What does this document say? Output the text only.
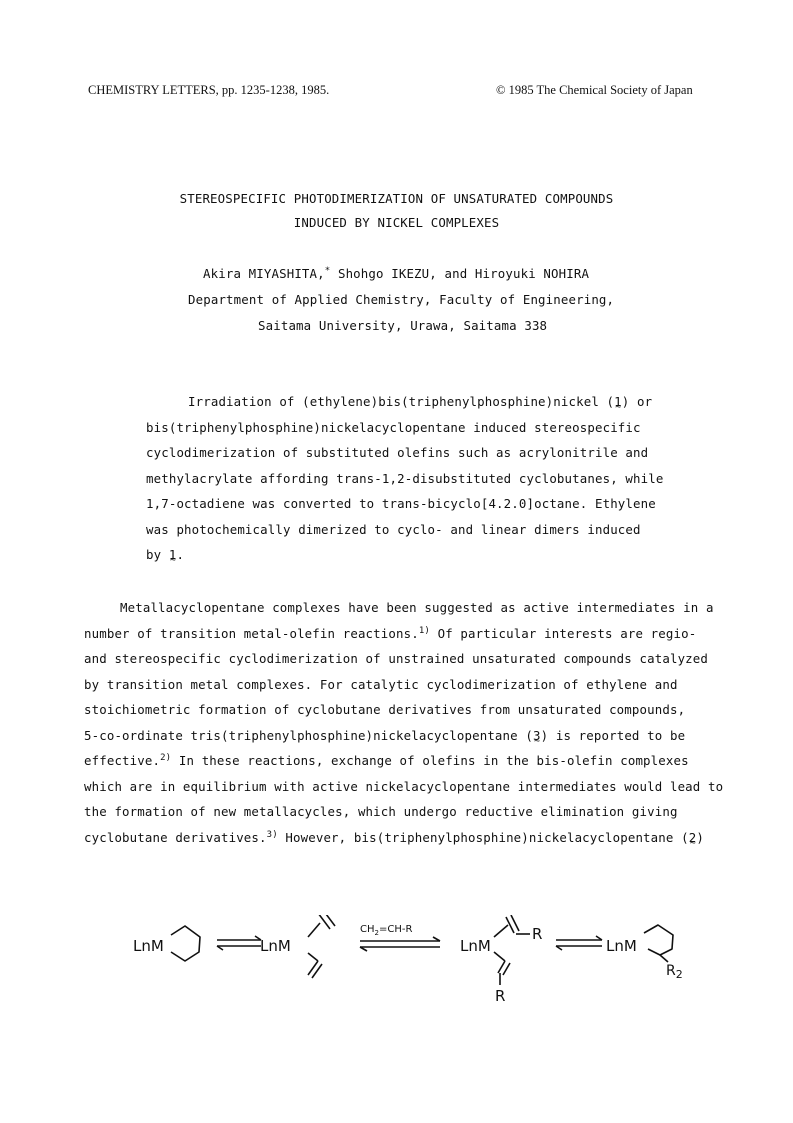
CHEMISTRY LETTERS, pp. 1235-1238, 1985.	© 1985 The Chemical Society of Japan
STEREOSPECIFIC PHOTODIMERIZATION OF UNSATURATED COMPOUNDS
INDUCED BY NICKEL COMPLEXES
Akira MIYASHITA,* Shohgo IKEZU, and Hiroyuki NOHIRA
Department of Applied Chemistry, Faculty of Engineering,
Saitama University, Urawa, Saitama 338
Irradiation of (ethylene)bis(triphenylphosphine)nickel (1 ~) or
bis(triphenylphosphine)nickelacyclopentane induced stereospecific
cyclodimerization of substituted olefins such as acrylonitrile and
methylacrylate affording trans-1,2-disubstituted cyclobutanes, while
1,7-octadiene was converted to trans-bicyclo[4.2.0]octane. Ethylene
was photochemically dimerized to cyclo- and linear dimers induced
by 1 ~.
Metallacyclopentane complexes have been suggested as active intermediates in a
number of transition metal-olefin reactions.$^{1)}$ Of particular interests are regio-
and stereospecific cyclodimerization of unstrained unsaturated compounds catalyzed
by transition metal complexes. For catalytic cyclodimerization of ethylene and
stoichiometric formation of cyclobutane derivatives from unsaturated compounds,
5-co-ordinate tris(triphenylphosphine)nickelacyclopentane (3 ~) is reported to be
effective.$^{2)}$ In these reactions, exchange of olefins in the bis-olefin complexes
which are in equilibrium with active nickelacyclopentane intermediates would lead to
the formation of new metallacycles, which undergo reductive elimination giving
cyclobutane derivatives.$^{3)}$ However, bis(triphenylphosphine)nickelacyclopentane (2 ~)
LnM	LnM
$CH_2=CH-R$
LnM
R
R
LnM
$R_2$
